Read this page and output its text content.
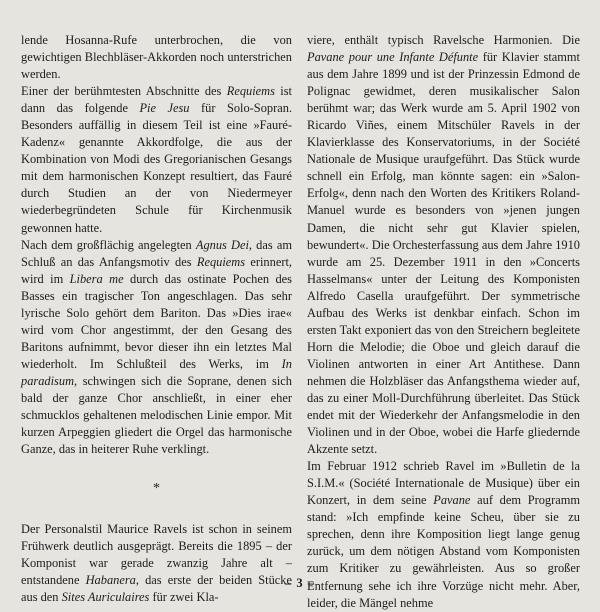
lende Hosanna-Rufe unterbrochen, die von gewichtigen Blechbläser-Akkorden noch unterstrichen werden.

Einer der berühmtesten Abschnitte des Requiems ist dann das folgende Pie Jesu für Solo-Sopran. Besonders auffällig in diesem Teil ist eine »Fauré-Kadenz« genannte Akkordfolge, die aus der Kombination von Modi des Gregorianischen Gesangs mit dem harmonischen Konzept resultiert, das Fauré durch Studien an der von Niedermeyer wiederbegründeten Schule für Kirchenmusik gewonnen hatte.

Nach dem großflächig angelegten Agnus Dei, das am Schluß an das Anfangsmotiv des Requiems erinnert, wird im Libera me durch das ostinate Pochen des Basses ein tragischer Ton angeschlagen. Das sehr lyrische Solo gehört dem Bariton. Das »Dies irae« wird vom Chor angestimmt, der den Gesang des Baritons aufnimmt, bevor dieser ihn ein letztes Mal wiederholt. Im Schlußteil des Werks, im In paradisum, schwingen sich die Soprane, denen sich bald der ganze Chor anschließt, in einer eher schmucklos gehaltenen melodischen Linie empor. Mit kurzen Arpeggien gliedert die Orgel das harmonische Ganze, das in heiterer Ruhe verklingt.

*

Der Personalstil Maurice Ravels ist schon in seinem Frühwerk deutlich ausgeprägt. Bereits die 1895 – der Komponist war gerade zwanzig Jahre alt – entstandene Habanera, das erste der beiden Stücke aus den Sites Auriculaires für zwei Kla-

viere, enthält typisch Ravelsche Harmonien. Die Pavane pour une Infante Défunte für Klavier stammt aus dem Jahre 1899 und ist der Prinzessin Edmond de Polignac gewidmet, deren musikalischer Salon berühmt war; das Werk wurde am 5. April 1902 von Ricardo Viñes, einem Mitschüler Ravels in der Klavierklasse des Konservatoriums, in der Société Nationale de Musique uraufgeführt. Das Stück wurde schnell ein Erfolg, man könnte sagen: ein »Salon-Erfolg«, denn nach den Worten des Kritikers Roland-Manuel wurde es besonders von »jenen jungen Damen, die nicht sehr gut Klavier spielen, bewundert«. Die Orchesterfassung aus dem Jahre 1910 wurde am 25. Dezember 1911 in den »Concerts Hasselmans« unter der Leitung des Komponisten Alfredo Casella uraufgeführt. Der symmetrische Aufbau des Werks ist denkbar einfach. Schon im ersten Takt exponiert das von den Streichern begleitete Horn die Melodie; die Oboe und gleich darauf die Violinen antworten in einer Art Antithese. Dann nehmen die Holzbläser das Anfangsthema wieder auf, das zu einer Moll-Durchführung überleitet. Das Stück endet mit der Wiederkehr der Anfangsmelodie in den Violinen und in der Oboe, wobei die Harfe gliedernde Akzente setzt.

Im Februar 1912 schrieb Ravel im »Bulletin de la S.I.M.« (Société Internationale de Musique) über ein Konzert, in dem seine Pavane auf dem Programm stand: »Ich empfinde keine Scheu, über sie zu sprechen, denn ihre Komposition liegt lange genug zurück, um dem nötigen Abstand vom Komponisten zum Kritiker zu gewährleisten. Aus so großer Entfernung sehe ich ihre Vorzüge nicht mehr. Aber, leider, die Mängel nehme

– 3 –
